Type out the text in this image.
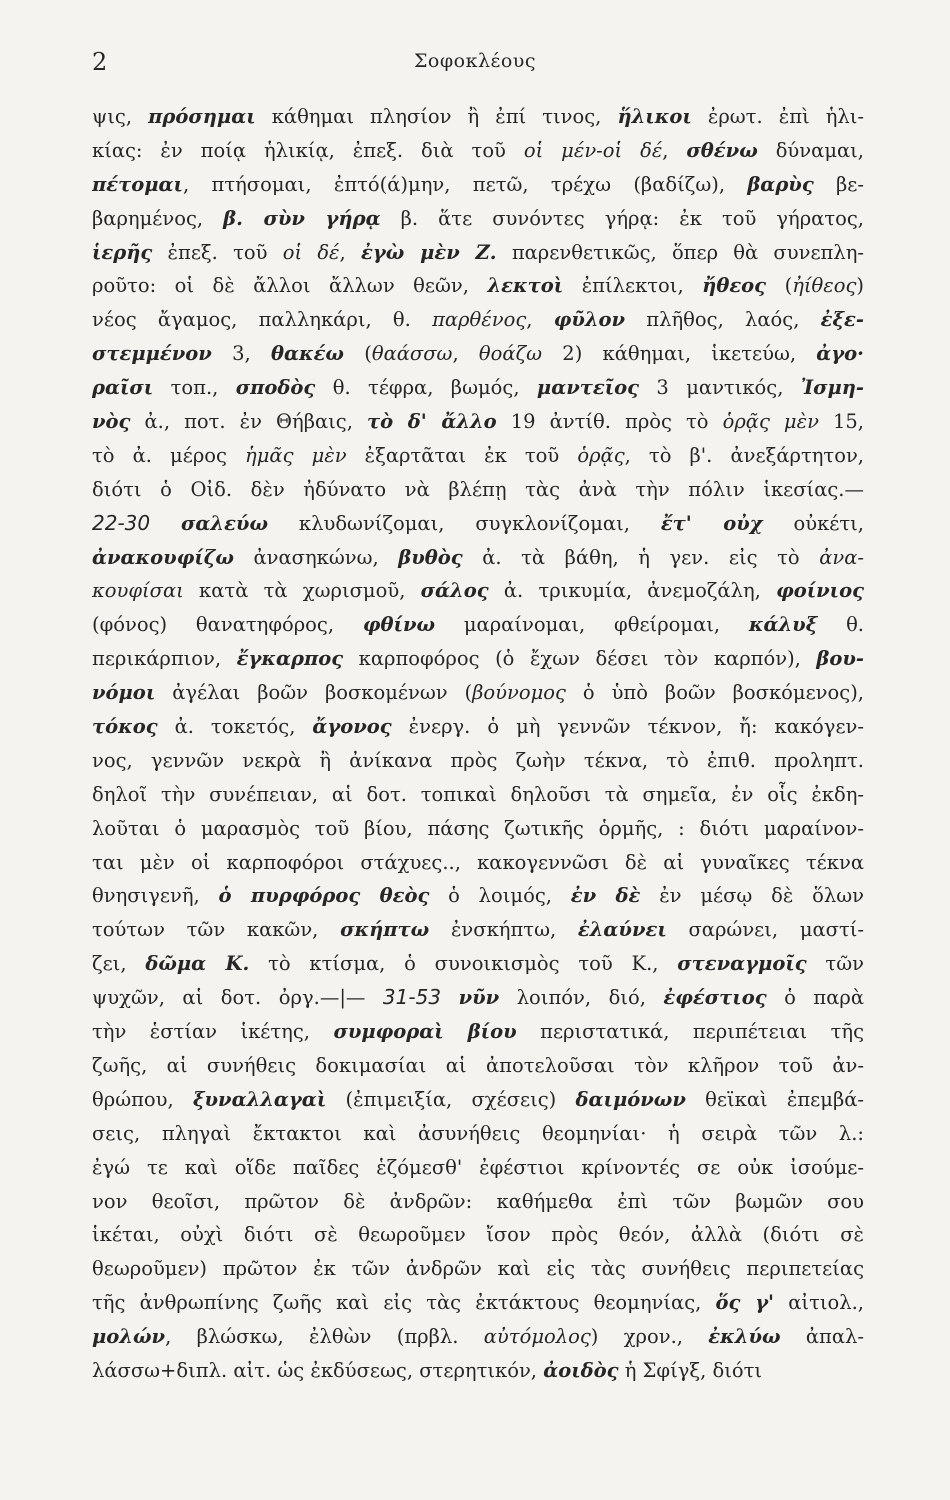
2	Σοφοκλέους
ψις, πρόσημαι κάθημαι πλησίον ἢ ἐπί τινος, ἥλικοι ἐρωτ. ἐπὶ ἡλι-
κίας: ἐν ποίᾳ ἡλικίᾳ, ἐπεξ. διὰ τοῦ οἱ μέν-οἱ δέ, σθένω δύναμαι,
πέτομαι, πτήσομαι, ἐπτό(ά)μην, πετῶ, τρέχω (βαδίζω), βαρὺς βε-
βαρημένος, β. σὺν γήρᾳ β. ἅτε συνόντες γήρᾳ: ἐκ τοῦ γήρατος,
ἱερῆς ἐπεξ. τοῦ οἱ δέ, ἐγὼ μὲν Ζ. παρενθετικῶς, ὅπερ θὰ συνεπλη-
ροῦτο: οἱ δὲ ἄλλοι ἄλλων θεῶν, λεκτοὶ ἐπίλεκτοι, ἤθεος (ἠίθεος)
νέος ἄγαμος, παλληκάρι, θ. παρθένος, φῦλον πλῆθος, λαός, ἐξε-
στεμμένον 3, θακέω (θαάσσω, θοάζω 2) κάθημαι, ἱκετεύω, ἀγο·
ραῖσι τοπ., σποδὸς θ. τέφρα, βωμός, μαντεῖος 3 μαντικός, Ἰσμη-
νὸς ἀ., ποτ. ἐν Θήβαις, τὸ δ' ἄλλο 19 ἀντίθ. πρὸς τὸ ὁρᾷς μὲν 15,
τὸ ἀ. μέρος ἡμᾶς μὲν ἐξαρτᾶται ἐκ τοῦ ὁρᾷς, τὸ β'. ἀνεξάρτητον,
διότι ὁ Οἰδ. δὲν ἠδύνατο νὰ βλέπῃ τὰς ἀνὰ τὴν πόλιν ἱκεσίας.—
22-30 σαλεύω κλυδωνίζομαι, συγκλονίζομαι, ἔτ' οὐχ οὐκέτι,
ἀνακουφίζω ἀνασηκώνω, βυθὸς ἀ. τὰ βάθη, ἡ γεν. εἰς τὸ ἀνα-
κουφίσαι κατὰ τὰ χωρισμοῦ, σάλος ἀ. τρικυμία, ἀνεμοζάλη, φοίνιος
(φόνος) θανατηφόρος, φθίνω μαραίνομαι, φθείρομαι, κάλυξ θ.
περικάρπιον, ἔγκαρπος καρποφόρος (ὁ ἔχων δέσει τὸν καρπόν), βου-
νόμοι ἀγέλαι βοῶν βοσκομένων (βούνομος ὁ ὑπὸ βοῶν βοσκόμενος),
τόκος ἀ. τοκετός, ἄγονος ἐνεργ. ὁ μὴ γεννῶν τέκνον, ἤ: κακόγεν-
νος, γεννῶν νεκρὰ ἢ ἀνίκανα πρὸς ζωὴν τέκνα, τὸ ἐπιθ. προληπτ.
δηλοῖ τὴν συνέπειαν, αἱ δοτ. τοπικαὶ δηλοῦσι τὰ σημεῖα, ἐν οἷς ἐκδη-
λοῦται ὁ μαρασμὸς τοῦ βίου, πάσης ζωτικῆς ὁρμῆς, : διότι μαραίνον-
ται μὲν οἱ καρποφόροι στάχυες.., κακογεννῶσι δὲ αἱ γυναῖκες τέκνα
θνησιγενῆ, ὁ πυρφόρος θεὸς ὁ λοιμός, ἐν δὲ ἐν μέσῳ δὲ ὅλων
τούτων τῶν κακῶν, σκήπτω ἐνσκήπτω, ἐλαύνει σαρώνει, μαστί-
ζει, δῶμα Κ. τὸ κτίσμα, ὁ συνοικισμὸς τοῦ Κ., στεναγμοῖς τῶν
ψυχῶν, αἱ δοτ. ὀργ.—|— 31-53 νῦν λοιπόν, διό, ἐφέστιος ὁ παρὰ
τὴν ἑστίαν ἱκέτης, συμφοραὶ βίου περιστατικά, περιπέτειαι τῆς
ζωῆς, αἱ συνήθεις δοκιμασίαι αἱ ἀποτελοῦσαι τὸν κλῆρον τοῦ ἀν-
θρώπου, ξυναλλαγαὶ (ἐπιμειξία, σχέσεις) δαιμόνων θεϊκαὶ ἐπεμβά-
σεις, πληγαὶ ἔκτακτοι καὶ ἀσυνήθεις θεομηνίαι· ἡ σειρὰ τῶν λ.:
ἐγώ τε καὶ οἵδε παῖδες ἑζόμεσθ' ἐφέστιοι κρίνοντές σε οὐκ ἰσούμε-
νον θεοῖσι, πρῶτον δὲ ἀνδρῶν: καθήμεθα ἐπὶ τῶν βωμῶν σου
ἱκέται, οὐχὶ διότι σὲ θεωροῦμεν ἴσον πρὸς θεόν, ἀλλὰ (διότι σὲ
θεωροῦμεν) πρῶτον ἐκ τῶν ἀνδρῶν καὶ εἰς τὰς συνήθεις περιπετείας
τῆς ἀνθρωπίνης ζωῆς καὶ εἰς τὰς ἐκτάκτους θεομηνίας, ὅς γ' αἰτιολ.,
μολών, βλώσκω, ἐλθὼν (πρβλ. αὐτόμολος) χρον., ἐκλύω ἀπαλ-
λάσσω+διπλ. αἰτ. ὡς ἐκδύσεως, στερητικόν, ἀοιδὸς ἡ Σφίγξ, διότι
